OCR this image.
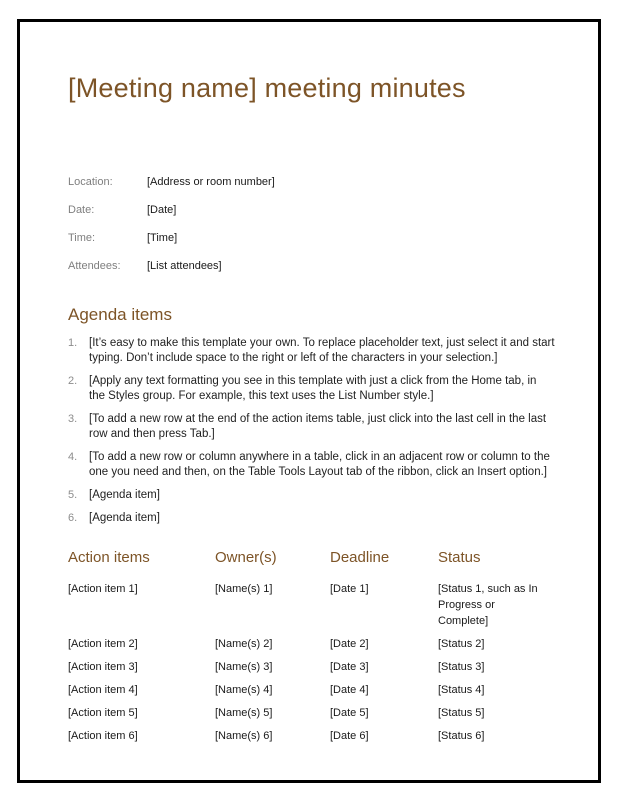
[Meeting name] meeting minutes
Location:	[Address or room number]
Date:	[Date]
Time:	[Time]
Attendees:	[List attendees]
Agenda items
1.	[It’s easy to make this template your own. To replace placeholder text, just select it and start typing. Don’t include space to the right or left of the characters in your selection.]
2.	[Apply any text formatting you see in this template with just a click from the Home tab, in the Styles group. For example, this text uses the List Number style.]
3.	[To add a new row at the end of the action items table, just click into the last cell in the last row and then press Tab.]
4.	[To add a new row or column anywhere in a table, click in an adjacent row or column to the one you need and then, on the Table Tools Layout tab of the ribbon, click an Insert option.]
5.	[Agenda item]
6.	[Agenda item]
Action items	Owner(s)	Deadline	Status
[Action item 1]	[Name(s) 1]	[Date 1]	[Status 1, such as In Progress or Complete]
[Action item 2]	[Name(s) 2]	[Date 2]	[Status 2]
[Action item 3]	[Name(s) 3]	[Date 3]	[Status 3]
[Action item 4]	[Name(s) 4]	[Date 4]	[Status 4]
[Action item 5]	[Name(s) 5]	[Date 5]	[Status 5]
[Action item 6]	[Name(s) 6]	[Date 6]	[Status 6]
